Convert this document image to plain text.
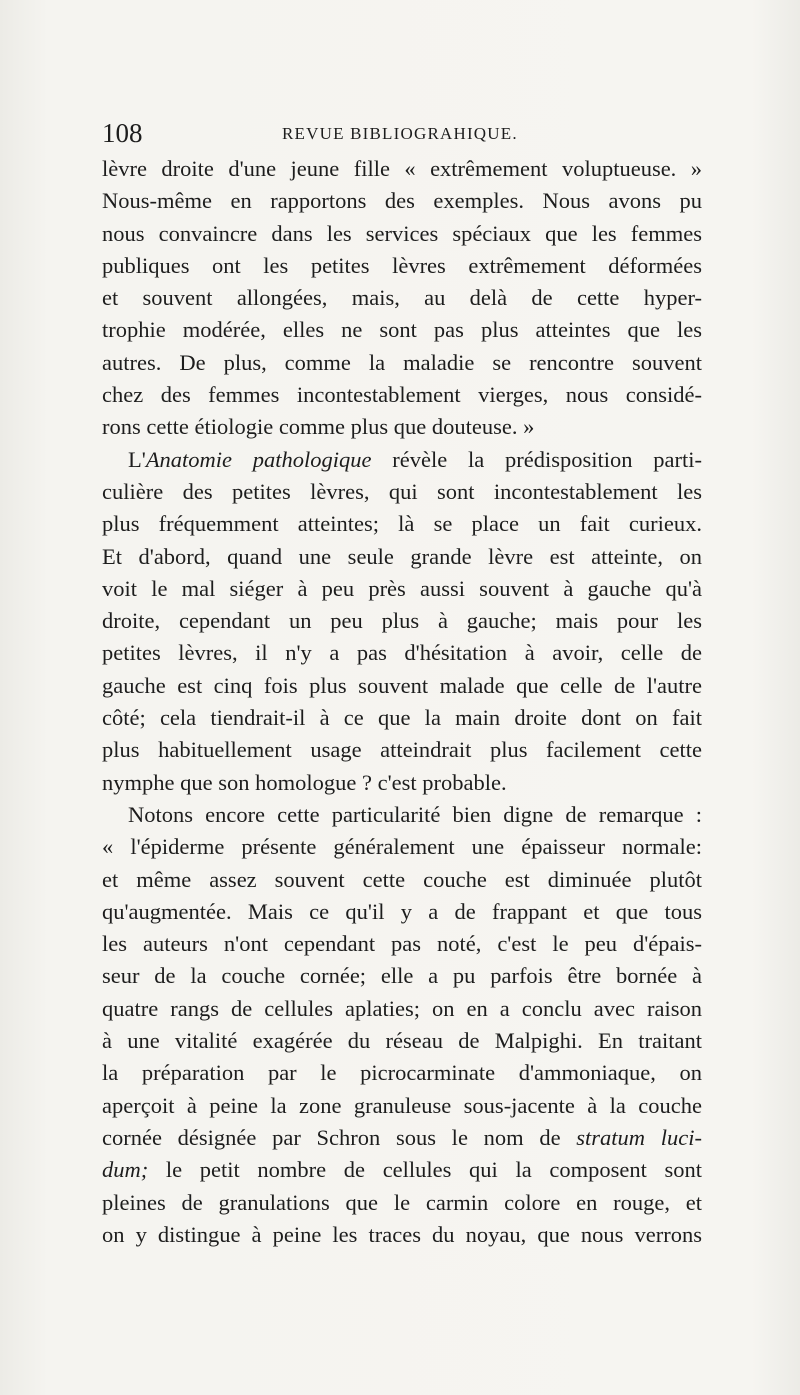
108	REVUE BIBLIOGRAHIQUE.
lèvre droite d'une jeune fille « extrêmement voluptueuse. »
Nous-même en rapportons des exemples. Nous avons pu
nous convaincre dans les services spéciaux que les femmes
publiques ont les petites lèvres extrêmement déformées
et souvent allongées, mais, au delà de cette hyper-
trophie modérée, elles ne sont pas plus atteintes que les
autres. De plus, comme la maladie se rencontre souvent
chez des femmes incontestablement vierges, nous considé-
rons cette étiologie comme plus que douteuse. »
L'Anatomie pathologique révèle la prédisposition parti-
culière des petites lèvres, qui sont incontestablement les
plus fréquemment atteintes; là se place un fait curieux.
Et d'abord, quand une seule grande lèvre est atteinte, on
voit le mal siéger à peu près aussi souvent à gauche qu'à
droite, cependant un peu plus à gauche; mais pour les
petites lèvres, il n'y a pas d'hésitation à avoir, celle de
gauche est cinq fois plus souvent malade que celle de l'autre
côté; cela tiendrait-il à ce que la main droite dont on fait
plus habituellement usage atteindrait plus facilement cette
nymphe que son homologue ? c'est probable.
Notons encore cette particularité bien digne de remarque :
« l'épiderme présente généralement une épaisseur normale:
et même assez souvent cette couche est diminuée plutôt
qu'augmentée. Mais ce qu'il y a de frappant et que tous
les auteurs n'ont cependant pas noté, c'est le peu d'épais-
seur de la couche cornée; elle a pu parfois être bornée à
quatre rangs de cellules aplaties; on en a conclu avec raison
à une vitalité exagérée du réseau de Malpighi. En traitant
la préparation par le picrocarminate d'ammoniaque, on
aperçoit à peine la zone granuleuse sous-jacente à la couche
cornée désignée par Schron sous le nom de stratum luci-
dum; le petit nombre de cellules qui la composent sont
pleines de granulations que le carmin colore en rouge, et
on y distingue à peine les traces du noyau, que nous verrons
